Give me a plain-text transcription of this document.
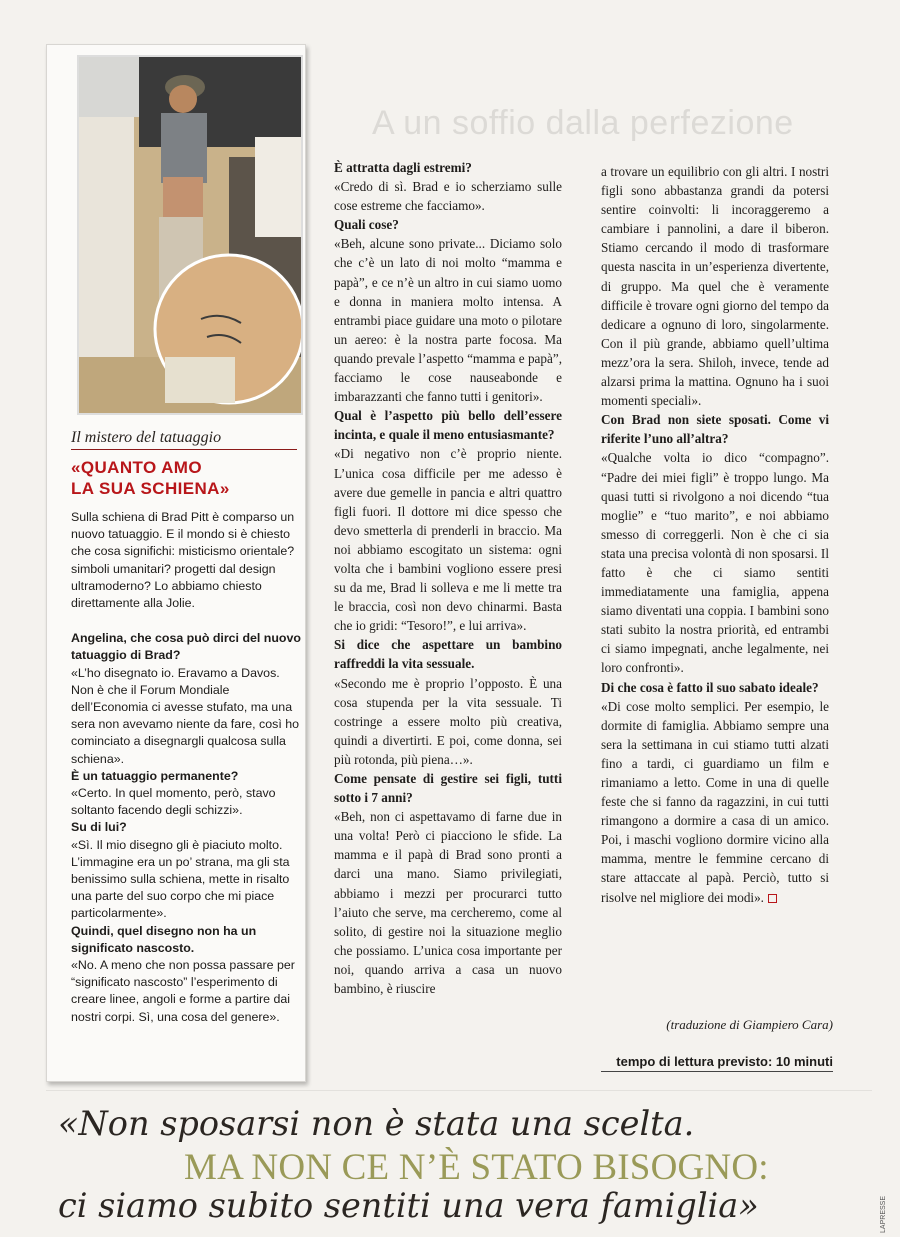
A un soffio dalla perfezione
Il mistero del tatuaggio
«QUANTO AMO
LA SUA SCHIENA»

Sulla schiena di Brad Pitt è comparso un nuovo tatuaggio. E il mondo si è chiesto che cosa significhi: misticismo orientale? simboli umanitari? progetti dal design ultramoderno? Lo abbiamo chiesto direttamente alla Jolie.

Angelina, che cosa può dirci del nuovo tatuaggio di Brad?

«L’ho disegnato io. Eravamo a Davos. Non è che il Forum Mondiale dell’Economia ci avesse stufato, ma una sera non avevamo niente da fare, così ho cominciato a disegnargli qualcosa sulla schiena».

È un tatuaggio permanente?

«Certo. In quel momento, però, stavo soltanto facendo degli schizzi».

Su di lui?

«Sì. Il mio disegno gli è piaciuto molto. L’immagine era un po’ strana, ma gli sta benissimo sulla schiena, mette in risalto una parte del suo corpo che mi piace particolarmente».

Quindi, quel disegno non ha un significato nascosto.

«No. A meno che non possa passare per “significato nascosto” l’esperimento di creare linee, angoli e forme a partire dai nostri corpi. Sì, una cosa del genere».

È attratta dagli estremi?

«Credo di sì. Brad e io scherziamo sulle cose estreme che facciamo».

Quali cose?

«Beh, alcune sono private... Diciamo solo che c’è un lato di noi molto “mamma e papà”, e ce n’è un altro in cui siamo uomo e donna in maniera molto intensa. A entrambi piace guidare una moto o pilotare un aereo: è la nostra parte focosa. Ma quando prevale l’aspetto “mamma e papà”, facciamo le cose nauseabonde e imbarazzanti che fanno tutti i genitori».

Qual è l’aspetto più bello dell’essere incinta, e quale il meno entusiasmante?

«Di negativo non c’è proprio niente. L’unica cosa difficile per me adesso è avere due gemelle in pancia e altri quattro figli fuori. Il dottore mi dice spesso che devo smetterla di prenderli in braccio. Ma noi abbiamo escogitato un sistema: ogni volta che i bambini vogliono essere presi su da me, Brad li solleva e me li mette tra le braccia, così non devo chinarmi. Basta che io gridi: “Tesoro!”, e lui arriva».

Si dice che aspettare un bambino raffreddi la vita sessuale.

«Secondo me è proprio l’opposto. È una cosa stupenda per la vita sessuale. Ti costringe a essere molto più creativa, quindi a divertirti. E poi, come donna, sei più rotonda, più piena…».

Come pensate di gestire sei figli, tutti sotto i 7 anni?

«Beh, non ci aspettavamo di farne due in una volta! Però ci piacciono le sfide. La mamma e il papà di Brad sono pronti a darci una mano. Siamo privilegiati, abbiamo i mezzi per procurarci tutto l’aiuto che serve, ma cercheremo, come al solito, di gestire noi la situazione meglio che possiamo. L’unica cosa importante per noi, quando arriva a casa un nuovo bambino, è riuscire

a trovare un equilibrio con gli altri. I nostri figli sono abbastanza grandi da potersi sentire coinvolti: li incoraggeremo a cambiare i pannolini, a dare il biberon. Stiamo cercando il modo di trasformare questa nascita in un’esperienza divertente, di gruppo. Ma quel che è veramente difficile è trovare ogni giorno del tempo da dedicare a ognuno di loro, singolarmente. Con il più grande, abbiamo quell’ultima mezz’ora la sera. Shiloh, invece, tende ad alzarsi prima la mattina. Ognuno ha i suoi momenti speciali».

Con Brad non siete sposati. Come vi riferite l’uno all’altra?

«Qualche volta io dico “compagno”. “Padre dei miei figli” è troppo lungo. Ma quasi tutti si rivolgono a noi dicendo “tua moglie” e “tuo marito”, e noi abbiamo smesso di correggerli. Non è che ci sia stata una precisa volontà di non sposarsi. Il fatto è che ci siamo sentiti immediatamente una famiglia, appena siamo diventati una coppia. I bambini sono stati subito la nostra priorità, ed entrambi ci siamo impegnati, anche legalmente, nei loro confronti».

Di che cosa è fatto il suo sabato ideale?

«Di cose molto semplici. Per esempio, le dormite di famiglia. Abbiamo sempre una sera la settimana in cui stiamo tutti alzati fino a tardi, ci guardiamo un film e rimaniamo a letto. Come in una di quelle feste che si fanno da ragazzini, in cui tutti rimangono a dormire a casa di un amico. Poi, i maschi vogliono dormire vicino alla mamma, mentre le femmine cercano di stare attaccate al papà. Perciò, tutto si risolve nel migliore dei modi».

(traduzione di Giampiero Cara)
tempo di lettura previsto: 10 minuti
«Non sposarsi non è stata una scelta.
MA NON CE N’È STATO BISOGNO:
ci siamo subito sentiti una vera famiglia»	LAPRESSE
